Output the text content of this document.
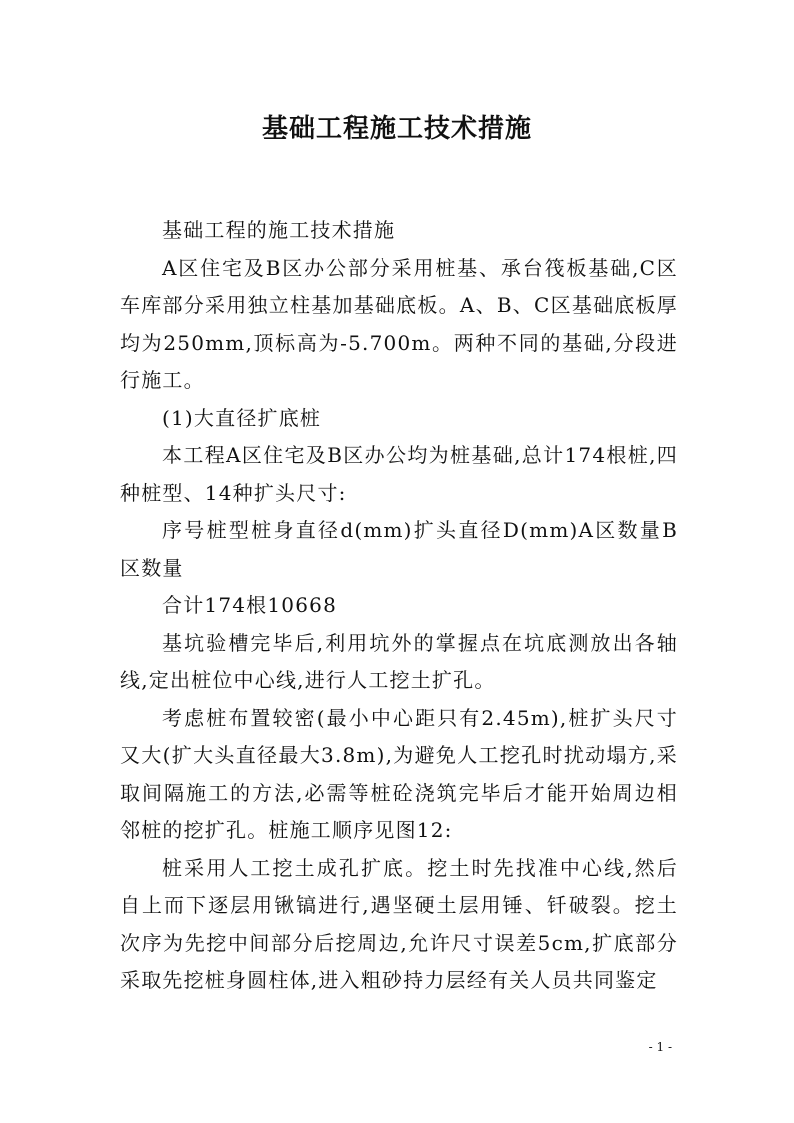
基础工程施工技术措施

基础工程的施工技术措施

A区住宅及B区办公部分采用桩基、承台筏板基础,C区车库部分采用独立柱基加基础底板。A、B、C区基础底板厚均为250mm,顶标高为-5.700m。两种不同的基础,分段进行施工。

(1)大直径扩底桩

本工程A区住宅及B区办公均为桩基础,总计174根桩,四种桩型、14种扩头尺寸:

序号桩型桩身直径d(mm)扩头直径D(mm)A区数量B区数量

合计174根10668

基坑验槽完毕后,利用坑外的掌握点在坑底测放出各轴线,定出桩位中心线,进行人工挖土扩孔。

考虑桩布置较密(最小中心距只有2.45m),桩扩头尺寸又大(扩大头直径最大3.8m),为避免人工挖孔时扰动塌方,采取间隔施工的方法,必需等桩砼浇筑完毕后才能开始周边相邻桩的挖扩孔。桩施工顺序见图12:

桩采用人工挖土成孔扩底。挖土时先找准中心线,然后自上而下逐层用锹镐进行,遇坚硬土层用锤、钎破裂。挖土次序为先挖中间部分后挖周边,允许尺寸误差5cm,扩底部分采取先挖桩身圆柱体,进入粗砂持力层经有关人员共同鉴定

- 1 -
